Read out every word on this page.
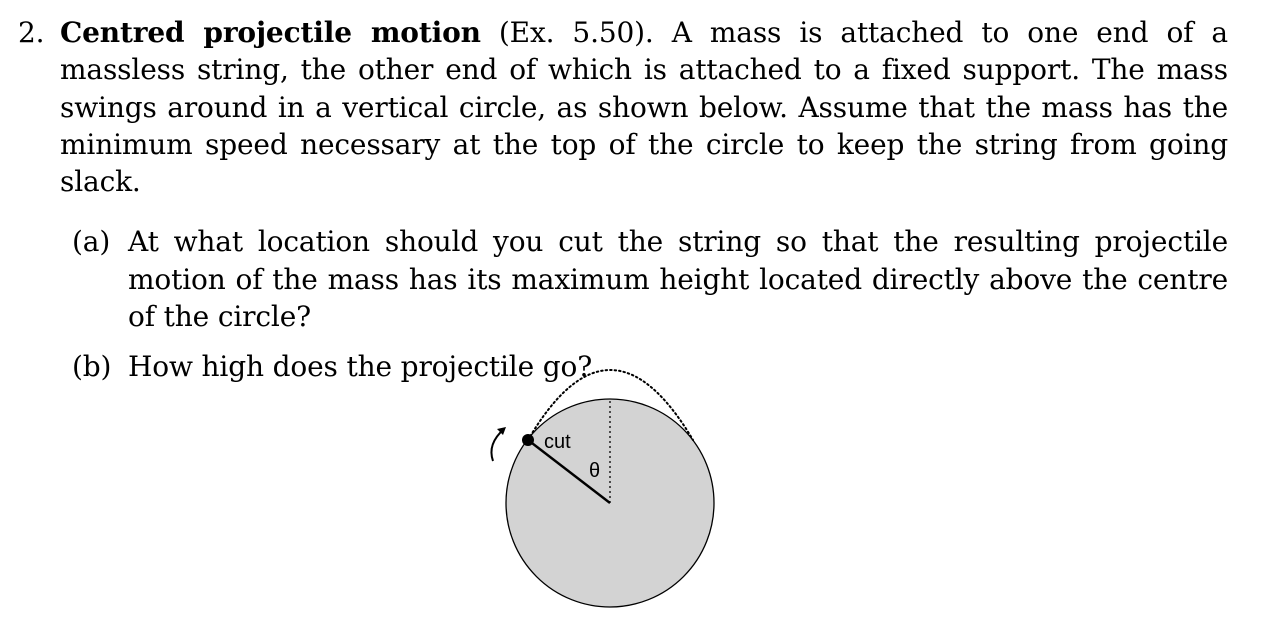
2. Centred projectile motion (Ex. 5.50). A mass is attached to one end of a massless string, the other end of which is attached to a fixed support. The mass swings around in a vertical circle, as shown below. Assume that the mass has the minimum speed necessary at the top of the circle to keep the string from going slack.
(a) At what location should you cut the string so that the resulting projectile motion of the mass has its maximum height located directly above the centre of the circle?
(b) How high does the projectile go?
cut
θ
